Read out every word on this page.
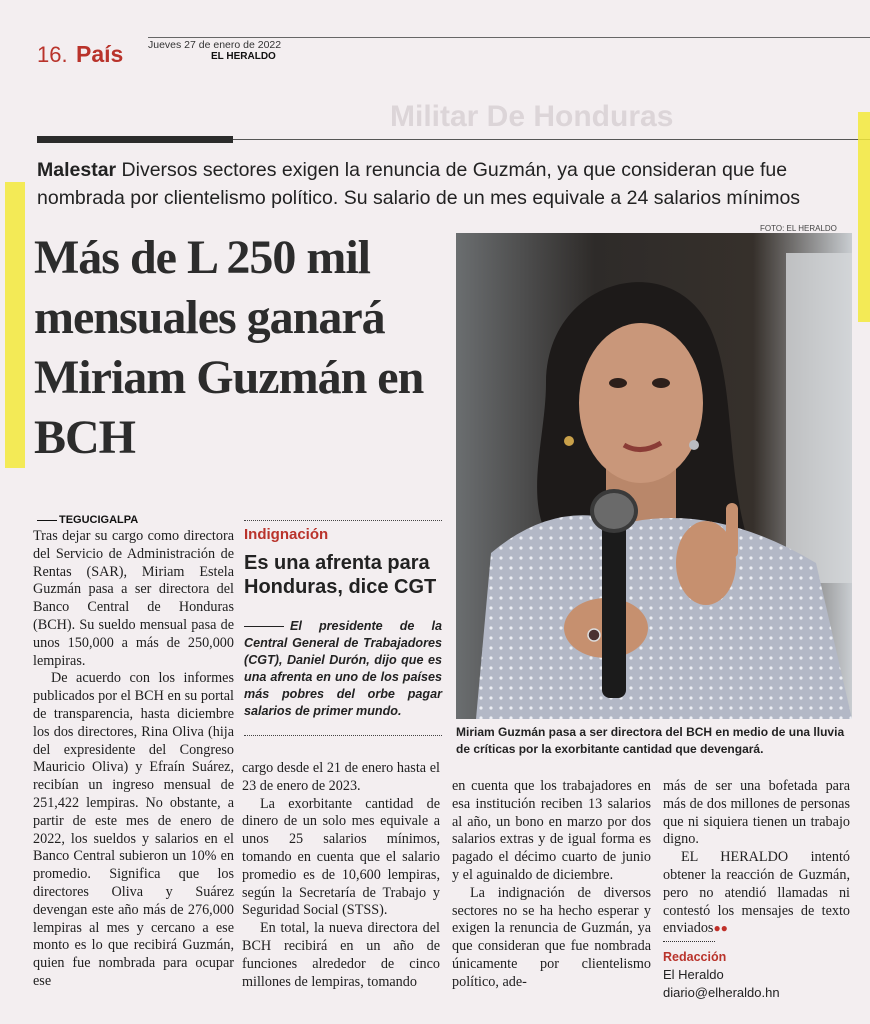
16. País Jueves 27 de enero de 2022
EL HERALDO
Militar De Honduras
Malestar Diversos sectores exigen la renuncia de Guzmán, ya que consideran que fue nombrada por clientelismo político. Su salario de un mes equivale a 24 salarios mínimos
FOTO: EL HERALDO
Más de L 250 mil mensuales ganará Miriam Guzmán en BCH
Miriam Guzmán pasa a ser directora del BCH en medio de una lluvia de críticas por la exorbitante cantidad que devengará.
TEGUCIGALPA

Tras dejar su cargo como directora del Servicio de Administración de Rentas (SAR), Miriam Estela Guzmán pasa a ser directora del Banco Central de Honduras (BCH). Su sueldo mensual pasa de unos 150,000 a más de 250,000 lempiras.

De acuerdo con los informes publicados por el BCH en su portal de transparencia, hasta diciembre los dos directores, Rina Oliva (hija del expresidente del Congreso Mauricio Oliva) y Efraín Suárez, recibían un ingreso mensual de 251,422 lempiras. No obstante, a partir de este mes de enero de 2022, los sueldos y salarios en el Banco Central subieron un 10% en promedio. Significa que los directores Oliva y Suárez devengan este año más de 276,000 lempiras al mes y cercano a ese monto es lo que recibirá Guzmán, quien fue nombrada para ocupar ese

cargo desde el 21 de enero hasta el 23 de enero de 2023.

La exorbitante cantidad de dinero de un solo mes equivale a unos 25 salarios mínimos, tomando en cuenta que el salario promedio es de 10,600 lempiras, según la Secretaría de Trabajo y Seguridad Social (STSS).

En total, la nueva directora del BCH recibirá en un año de funciones alrededor de cinco millones de lempiras, tomando

en cuenta que los trabajadores en esa institución reciben 13 salarios al año, un bono en marzo por dos salarios extras y de igual forma es pagado el décimo cuarto de junio y el aguinaldo de diciembre.

La indignación de diversos sectores no se ha hecho esperar y exigen la renuncia de Guzmán, ya que consideran que fue nombrada únicamente por clientelismo político, ade-

más de ser una bofetada para más de dos millones de personas que ni siquiera tienen un trabajo digno.

EL HERALDO intentó obtener la reacción de Guzmán, pero no atendió llamadas ni contestó los mensajes de texto enviados●●

Indignación
Es una afrenta para Honduras, dice CGT
El presidente de la Central General de Trabajadores (CGT), Daniel Durón, dijo que es una afrenta en uno de los países más pobres del orbe pagar salarios de primer mundo.
Redacción
El Heraldo
diario@elheraldo.hn
